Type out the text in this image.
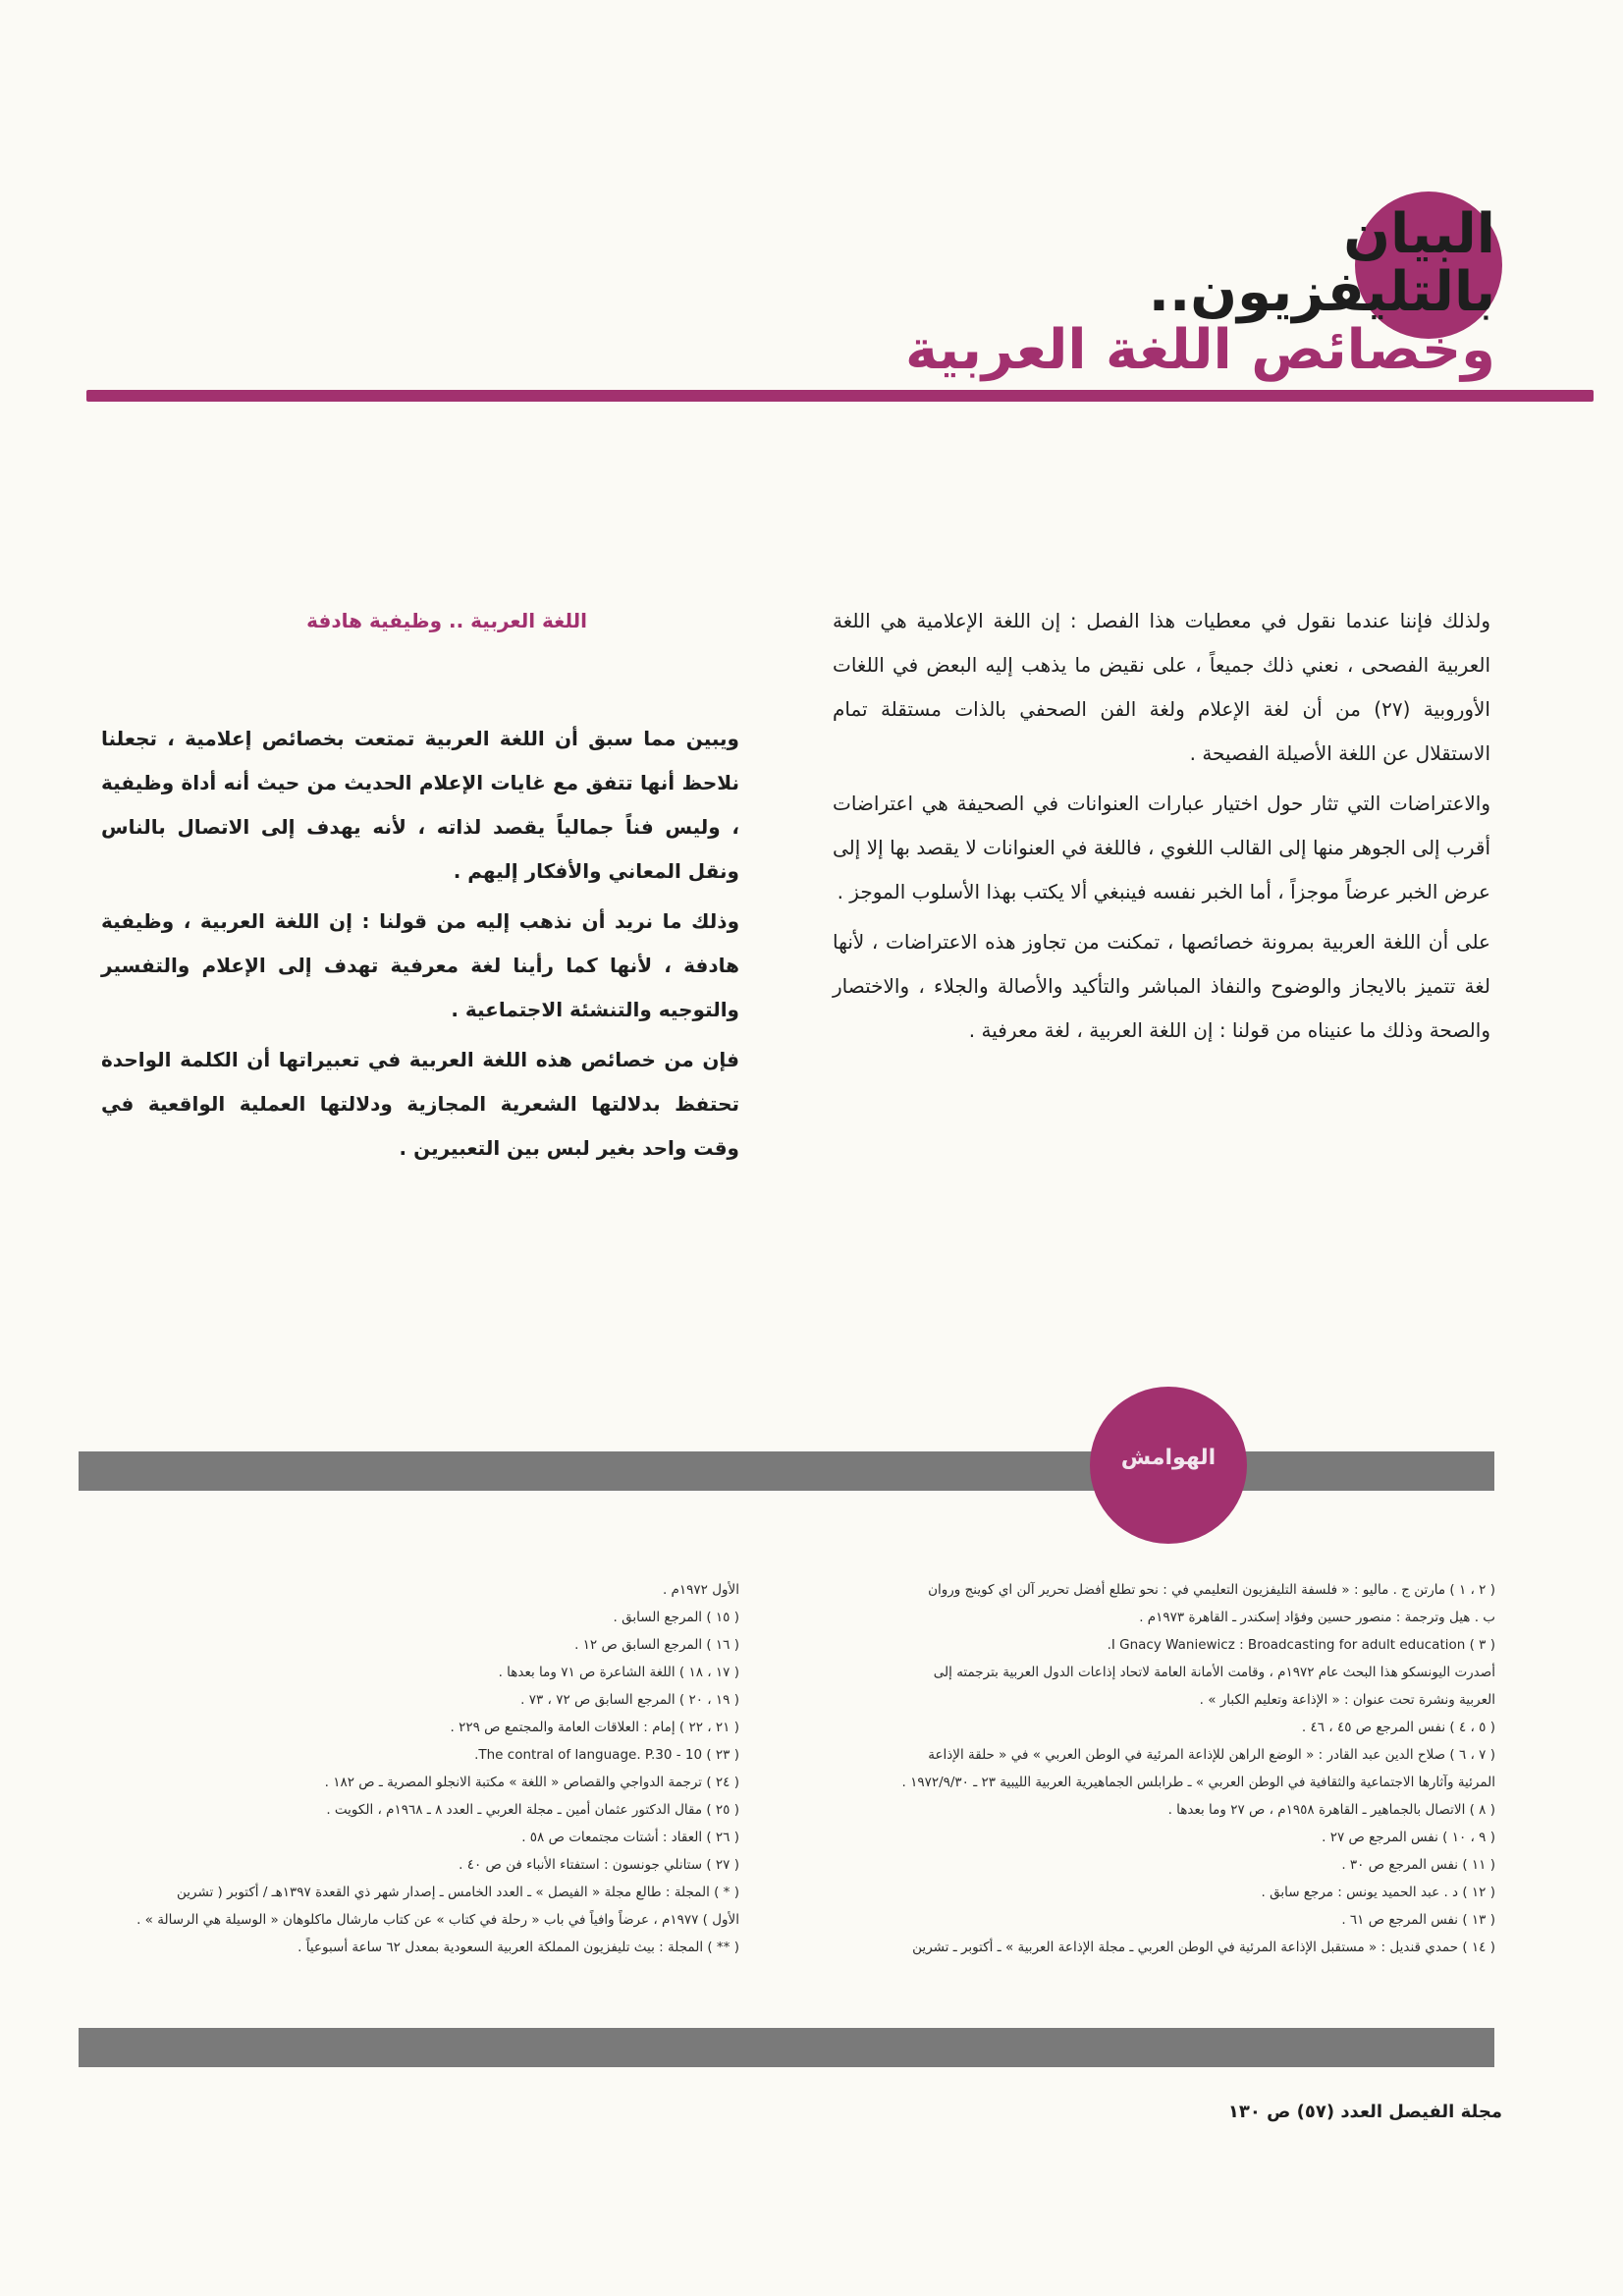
البيان
بالتليفزيون..
وخصائص اللغة العربية

ولذلك فإننا عندما نقول في معطيات هذا الفصل : إن اللغة الإعلامية هي اللغة العربية الفصحى ، نعني ذلك جميعاً ، على نقيض ما يذهب إليه البعض في اللغات الأوروبية (٢٧) من أن لغة الإعلام ولغة الفن الصحفي بالذات مستقلة تمام الاستقلال عن اللغة الأصيلة الفصيحة .

والاعتراضات التي تثار حول اختيار عبارات العنوانات في الصحيفة هي اعتراضات أقرب إلى الجوهر منها إلى القالب اللغوي ، فاللغة في العنوانات لا يقصد بها إلا إلى عرض الخبر عرضاً موجزاً ، أما الخبر نفسه فينبغي ألا يكتب بهذا الأسلوب الموجز .

على أن اللغة العربية بمرونة خصائصها ، تمكنت من تجاوز هذه الاعتراضات ، لأنها لغة تتميز بالايجاز والوضوح والنفاذ المباشر والتأكيد والأصالة والجلاء ، والاختصار والصحة وذلك ما عنيناه من قولنا : إن اللغة العربية ، لغة معرفية .

اللغة العربية .. وظيفية هادفة

ويبين مما سبق أن اللغة العربية تمتعت بخصائص إعلامية ، تجعلنا نلاحظ أنها تتفق مع غايات الإعلام الحديث من حيث أنه أداة وظيفية ، وليس فناً جمالياً يقصد لذاته ، لأنه يهدف إلى الاتصال بالناس ونقل المعاني والأفكار إليهم .

وذلك ما نريد أن نذهب إليه من قولنا : إن اللغة العربية ، وظيفية هادفة ، لأنها كما رأينا لغة معرفية تهدف إلى الإعلام والتفسير والتوجيه والتنشئة الاجتماعية .

فإن من خصائص هذه اللغة العربية في تعبيراتها أن الكلمة الواحدة تحتفظ بدلالتها الشعرية المجازية ودلالتها العملية الواقعية في وقت واحد بغير لبس بين التعبيرين .

الهوامش
( ٢ ، ١ ) مارتن ج . ماليو : « فلسفة التليفزيون التعليمي في : نحو تطلع أفضل تحرير آلن اي كوينج وروان
ب . هيل وترجمة : منصور حسين وفؤاد إسكندر ـ القاهرة ١٩٧٣م .
( ٣ ) I Gnacy Waniewicz : Broadcasting for adult education.
أصدرت اليونسكو هذا البحث عام ١٩٧٢م ، وقامت الأمانة العامة لاتحاد إذاعات الدول العربية بترجمته إلى
العربية ونشرة تحت عنوان : « الإذاعة وتعليم الكبار » .
( ٥ ، ٤ ) نفس المرجع ص ٤٥ ، ٤٦ .
( ٧ ، ٦ ) صلاح الدين عبد القادر : « الوضع الراهن للإذاعة المرئية في الوطن العربي » في « حلقة الإذاعة
المرئية وآثارها الاجتماعية والثقافية في الوطن العربي » ـ طرابلس الجماهيرية العربية الليبية ٢٣ ـ ١٩٧٢/٩/٣٠ .
( ٨ ) الاتصال بالجماهير ـ القاهرة ١٩٥٨م ، ص ٢٧ وما بعدها .
( ٩ ، ١٠ ) نفس المرجع ص ٢٧ .
( ١١ ) نفس المرجع ص ٣٠ .
( ١٢ ) د . عبد الحميد يونس : مرجع سابق .
( ١٣ ) نفس المرجع ص ٦١ .
( ١٤ ) حمدي قنديل : « مستقبل الإذاعة المرئية في الوطن العربي ـ مجلة الإذاعة العربية » ـ أكتوبر ـ تشرين
الأول ١٩٧٢م .
( ١٥ ) المرجع السابق .
( ١٦ ) المرجع السابق ص ١٢ .
( ١٧ ، ١٨ ) اللغة الشاعرة ص ٧١ وما بعدها .
( ١٩ ، ٢٠ ) المرجع السابق ص ٧٢ ، ٧٣ .
( ٢١ ، ٢٢ ) إمام : العلاقات العامة والمجتمع ص ٢٢٩ .
( ٢٣ ) The contral of language. P.30 - 10.
( ٢٤ ) ترجمة الدواجي والقصاص « اللغة » مكتبة الانجلو المصرية ـ ص ١٨٢ .
( ٢٥ ) مقال الدكتور عثمان أمين ـ مجلة العربي ـ العدد ٨ ـ ١٩٦٨م ، الكويت .
( ٢٦ ) العقاد : أشتات مجتمعات ص ٥٨ .
( ٢٧ ) ستانلي جونسون : استفتاء الأنباء فن ص ٤٠ .
( * ) المجلة : طالع مجلة « الفيصل » ـ العدد الخامس ـ إصدار شهر ذي القعدة ١٣٩٧هـ / أكتوبر ( تشرين
الأول ) ١٩٧٧م ، عرضاً وافياً في باب « رحلة في كتاب » عن كتاب مارشال ماكلوهان « الوسيلة هي الرسالة » .
( ** ) المجلة : بيث تليفزيون المملكة العربية السعودية بمعدل ٦٢ ساعة أسبوعياً .
مجلة الفيصل العدد (٥٧) ص ١٣٠
